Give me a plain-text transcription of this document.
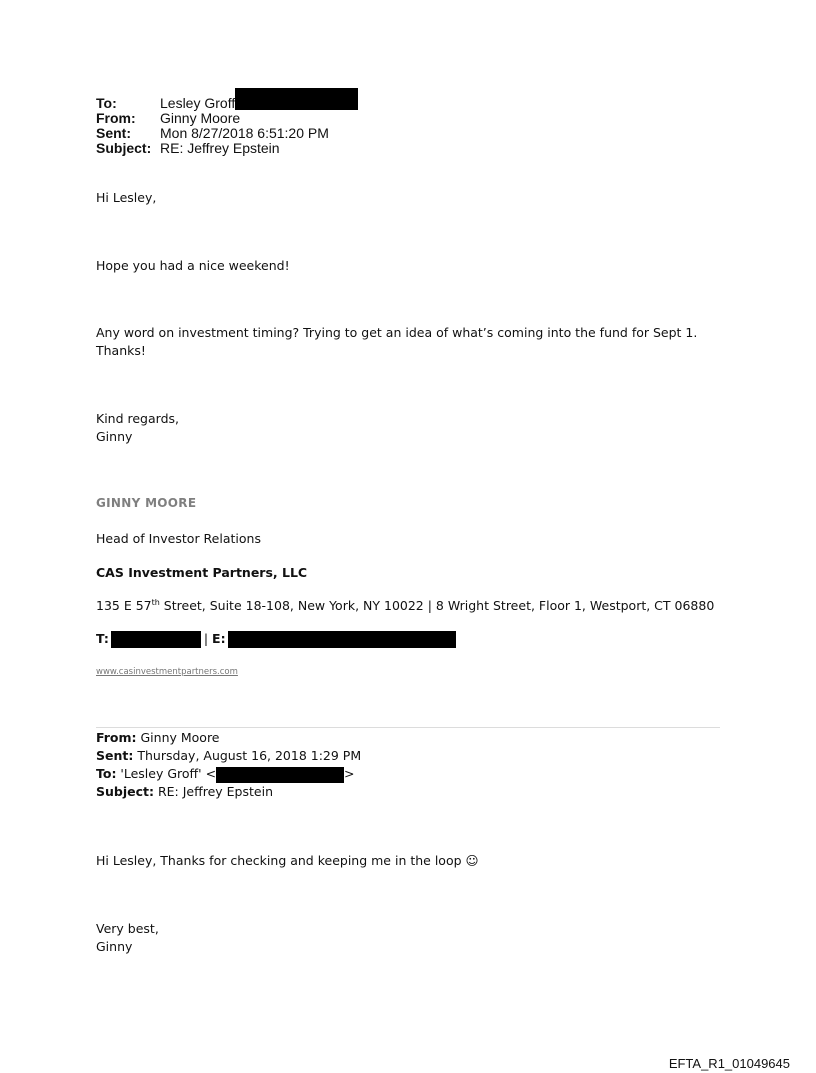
To:	Lesley Groff
From: Ginny Moore
Sent: Mon 8/27/2018 6:51:20 PM
Subject: RE: Jeffrey Epstein
Hi Lesley,
Hope you had a nice weekend!
Any word on investment timing? Trying to get an idea of what’s coming into the fund for Sept 1.
Thanks!
Kind regards,
Ginny
GINNY MOORE
Head of Investor Relations
CAS Investment Partners, LLC
135 E 57th Street, Suite 18-108, New York, NY 10022 | 8 Wright Street, Floor 1, Westport, CT 06880
T:	| E:
www.casinvestmentpartners.com
From: Ginny Moore
Sent: Thursday, August 16, 2018 1:29 PM
To: 'Lesley Groff' <	>
Subject: RE: Jeffrey Epstein
Hi Lesley, Thanks for checking and keeping me in the loop ☺
Very best,
Ginny
EFTA_R1_01049645
